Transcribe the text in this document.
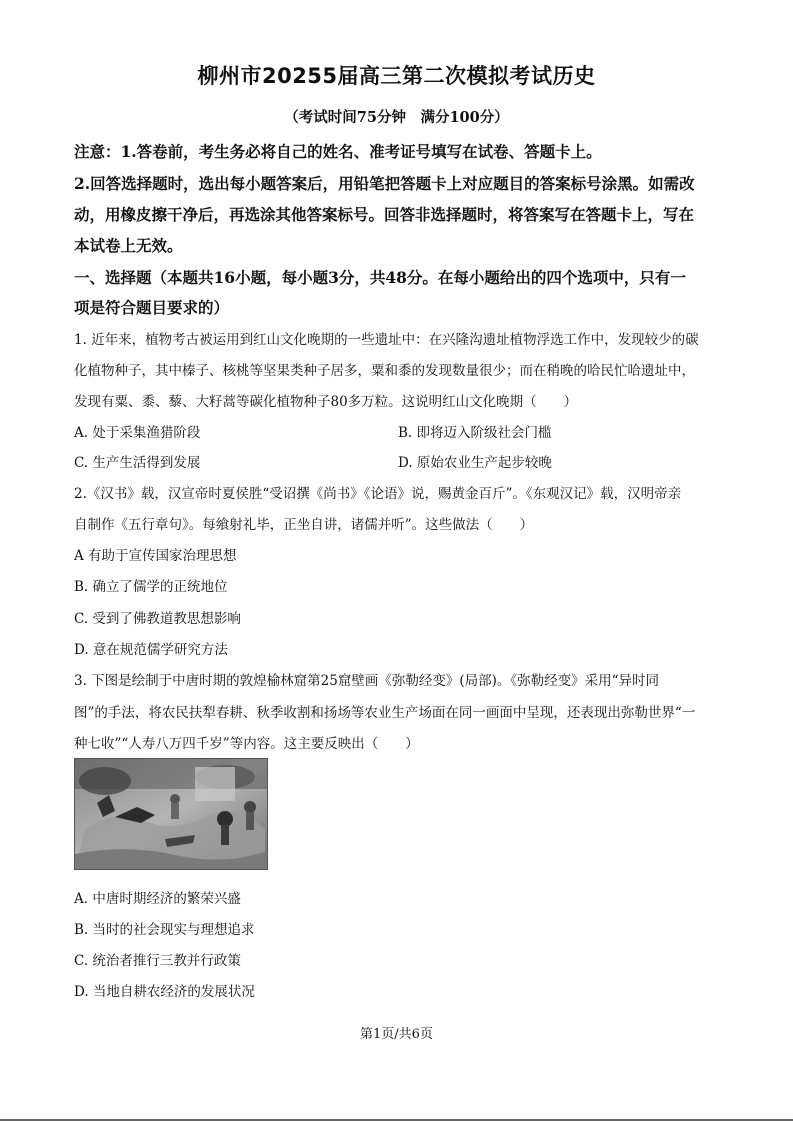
柳州市20255届高三第二次模拟考试历史
（考试时间75分钟　满分100分）
注意：1.答卷前，考生务必将自己的姓名、准考证号填写在试卷、答题卡上。
2.回答选择题时，选出每小题答案后，用铅笔把答题卡上对应题目的答案标号涂黑。如需改
动，用橡皮擦干净后，再选涂其他答案标号。回答非选择题时，将答案写在答题卡上，写在
本试卷上无效。
一、选择题（本题共16小题，每小题3分，共48分。在每小题给出的四个选项中，只有一
项是符合题目要求的）
1. 近年来，植物考古被运用到红山文化晚期的一些遗址中：在兴隆沟遗址植物浮选工作中，发现较少的碳
化植物种子，其中榛子、核桃等坚果类种子居多，粟和黍的发现数量很少；而在稍晚的哈民忙哈遗址中，
发现有粟、黍、藜、大籽蒿等碳化植物种子80多万粒。这说明红山文化晚期（　　）
A. 处于采集渔猎阶段	B. 即将迈入阶级社会门槛
C. 生产生活得到发展	D. 原始农业生产起步较晚
2.《汉书》载，汉宣帝时夏侯胜“受诏撰《尚书》《论语》说，赐黄金百斤”。《东观汉记》载，汉明帝亲
自制作《五行章句》。每飨射礼毕，正坐自讲，诸儒并听”。这些做法（　　）
A 有助于宣传国家治理思想
B. 确立了儒学的正统地位
C. 受到了佛教道教思想影响
D. 意在规范儒学研究方法
3. 下图是绘制于中唐时期的敦煌榆林窟第25窟壁画《弥勒经变》(局部)。《弥勒经变》采用“异时同
图”的手法，将农民扶犁春耕、秋季收割和扬场等农业生产场面在同一画面中呈现，还表现出弥勒世界“一
种七收”“人寿八万四千岁”等内容。这主要反映出（　　）
A. 中唐时期经济的繁荣兴盛
B. 当时的社会现实与理想追求
C. 统治者推行三教并行政策
D. 当地自耕农经济的发展状况
第1页/共6页
